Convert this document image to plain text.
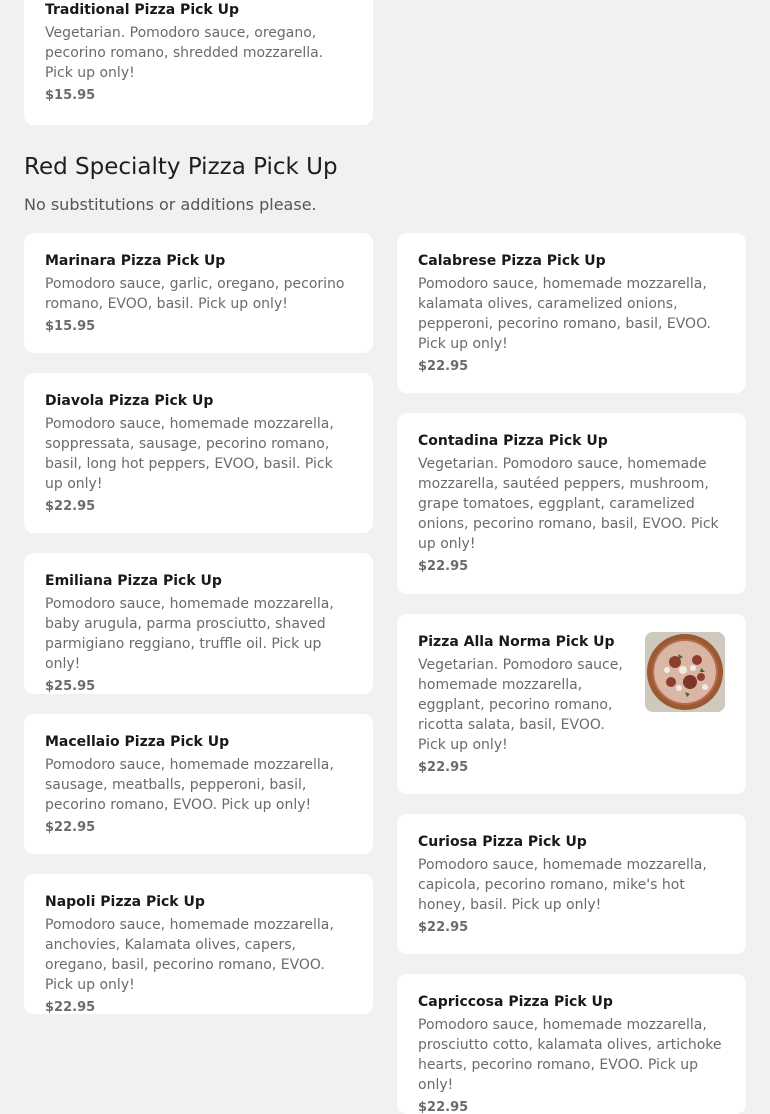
Traditional Pizza Pick Up

Vegetarian. Pomodoro sauce, oregano, pecorino romano, shredded mozzarella. Pick up only!

$15.95
Red Specialty Pizza Pick Up

No substitutions or additions please.

Marinara Pizza Pick Up

Pomodoro sauce, garlic, oregano, pecorino romano, EVOO, basil. Pick up only!

$15.95

Diavola Pizza Pick Up

Pomodoro sauce, homemade mozzarella, soppressata, sausage, pecorino romano, basil, long hot peppers, EVOO, basil. Pick up only!

$22.95

Emiliana Pizza Pick Up

Pomodoro sauce, homemade mozzarella, baby arugula, parma prosciutto, shaved parmigiano reggiano, truffle oil. Pick up only!

$25.95

Macellaio Pizza Pick Up

Pomodoro sauce, homemade mozzarella, sausage, meatballs, pepperoni, basil, pecorino romano, EVOO. Pick up only!

$22.95

Napoli Pizza Pick Up

Pomodoro sauce, homemade mozzarella, anchovies, Kalamata olives, capers, oregano, basil, pecorino romano, EVOO. Pick up only!

$22.95

Calabrese Pizza Pick Up

Pomodoro sauce, homemade mozzarella, kalamata olives, caramelized onions, pepperoni, pecorino romano, basil, EVOO. Pick up only!

$22.95

Contadina Pizza Pick Up

Vegetarian. Pomodoro sauce, homemade mozzarella, sautéed peppers, mushroom, grape tomatoes, eggplant, caramelized onions, pecorino romano, basil, EVOO. Pick up only!

$22.95

Pizza Alla Norma Pick Up

Vegetarian. Pomodoro sauce, homemade mozzarella, eggplant, pecorino romano, ricotta salata, basil, EVOO. Pick up only!

$22.95

Curiosa Pizza Pick Up

Pomodoro sauce, homemade mozzarella, capicola, pecorino romano, mike's hot honey, basil. Pick up only!

$22.95

Capriccosa Pizza Pick Up

Pomodoro sauce, homemade mozzarella, prosciutto cotto, kalamata olives, artichoke hearts, pecorino romano, EVOO. Pick up only!

$22.95
